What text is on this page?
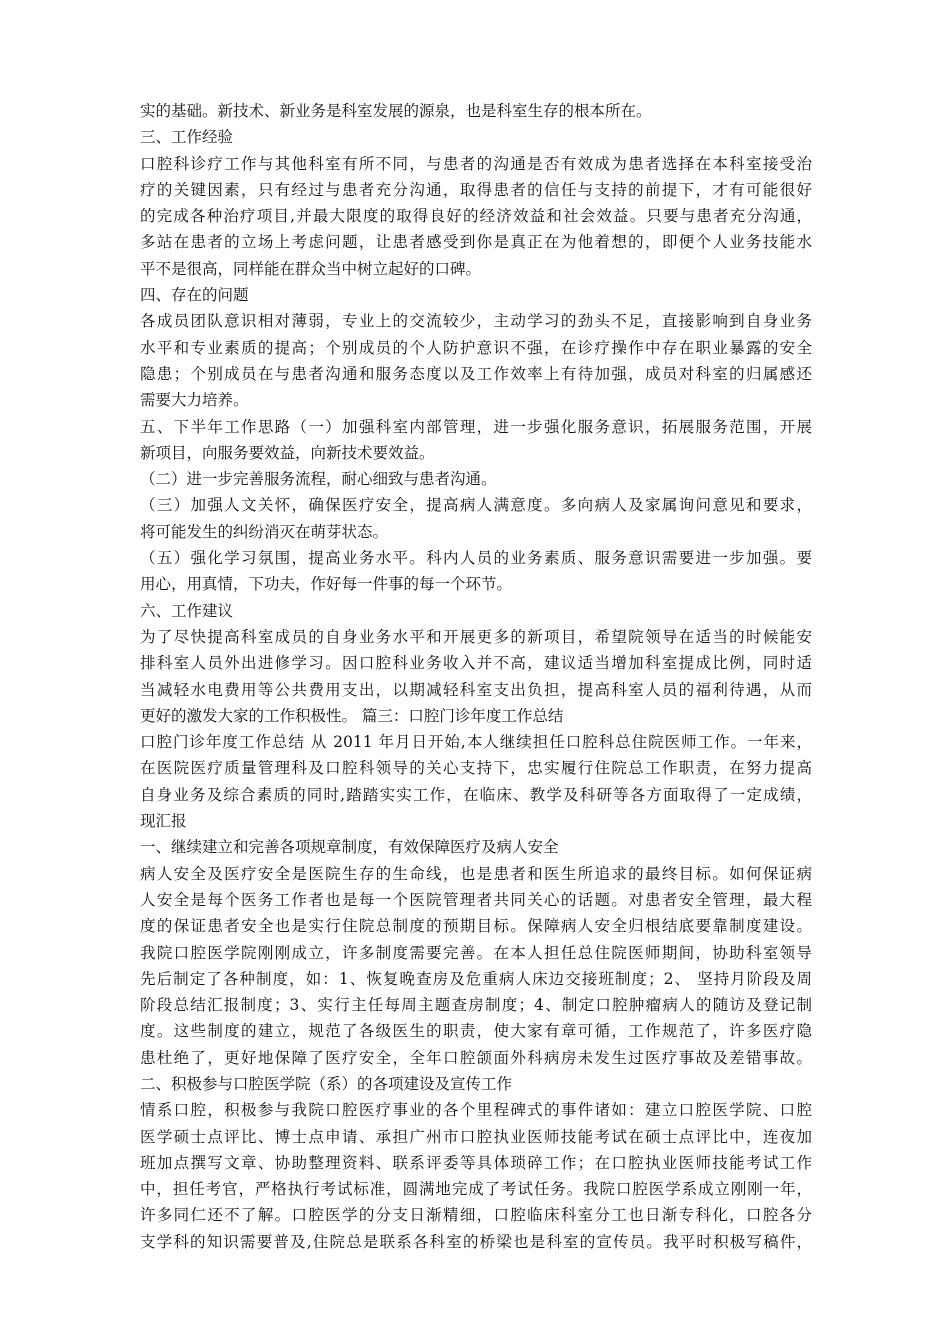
实的基础。新技术、新业务是科室发展的源泉，也是科室生存的根本所在。
三、工作经验
口腔科诊疗工作与其他科室有所不同，与患者的沟通是否有效成为患者选择在本科室接受治
疗的关键因素，只有经过与患者充分沟通，取得患者的信任与支持的前提下，才有可能很好
的完成各种治疗项目,并最大限度的取得良好的经济效益和社会效益。只要与患者充分沟通，
多站在患者的立场上考虑问题，让患者感受到你是真正在为他着想的，即便个人业务技能水
平不是很高，同样能在群众当中树立起好的口碑。
四、存在的问题
各成员团队意识相对薄弱，专业上的交流较少，主动学习的劲头不足，直接影响到自身业务
水平和专业素质的提高；个别成员的个人防护意识不强，在诊疗操作中存在职业暴露的安全
隐患；个别成员在与患者沟通和服务态度以及工作效率上有待加强，成员对科室的归属感还
需要大力培养。
五、下半年工作思路（一）加强科室内部管理，进一步强化服务意识，拓展服务范围，开展
新项目，向服务要效益，向新技术要效益。
（二）进一步完善服务流程，耐心细致与患者沟通。
（三）加强人文关怀，确保医疗安全，提高病人满意度。多向病人及家属询问意见和要求，
将可能发生的纠纷消灭在萌芽状态。
（五）强化学习氛围，提高业务水平。科内人员的业务素质、服务意识需要进一步加强。要
用心，用真情，下功夫，作好每一件事的每一个环节。
六、工作建议
为了尽快提高科室成员的自身业务水平和开展更多的新项目，希望院领导在适当的时候能安
排科室人员外出进修学习。因口腔科业务收入并不高，建议适当增加科室提成比例，同时适
当减轻水电费用等公共费用支出，以期减轻科室支出负担，提高科室人员的福利待遇，从而
更好的激发大家的工作积极性。 篇三：口腔门诊年度工作总结
口腔门诊年度工作总结 从 2011 年月日开始,本人继续担任口腔科总住院医师工作。一年来，
在医院医疗质量管理科及口腔科领导的关心支持下，忠实履行住院总工作职责，在努力提高
自身业务及综合素质的同时,踏踏实实工作，在临床、教学及科研等各方面取得了一定成绩，
现汇报
一、继续建立和完善各项规章制度，有效保障医疗及病人安全
病人安全及医疗安全是医院生存的生命线，也是患者和医生所追求的最终目标。如何保证病
人安全是每个医务工作者也是每一个医院管理者共同关心的话题。对患者安全管理，最大程
度的保证患者安全也是实行住院总制度的预期目标。保障病人安全归根结底要靠制度建设。
我院口腔医学院刚刚成立，许多制度需要完善。在本人担任总住院医师期间，协助科室领导
先后制定了各种制度，如：1、恢复晚查房及危重病人床边交接班制度；2、 坚持月阶段及周
阶段总结汇报制度；3、实行主任每周主题查房制度；4、制定口腔肿瘤病人的随访及登记制
度。这些制度的建立，规范了各级医生的职责，使大家有章可循，工作规范了，许多医疗隐
患杜绝了，更好地保障了医疗安全，全年口腔颌面外科病房未发生过医疗事故及差错事故。
二、积极参与口腔医学院（系）的各项建设及宣传工作
情系口腔，积极参与我院口腔医疗事业的各个里程碑式的事件诸如：建立口腔医学院、口腔
医学硕士点评比、博士点申请、承担广州市口腔执业医师技能考试在硕士点评比中，连夜加
班加点撰写文章、协助整理资料、联系评委等具体琐碎工作；在口腔执业医师技能考试工作
中，担任考官，严格执行考试标准，圆满地完成了考试任务。我院口腔医学系成立刚刚一年，
许多同仁还不了解。口腔医学的分支日渐精细，口腔临床科室分工也日渐专科化，口腔各分
支学科的知识需要普及,住院总是联系各科室的桥梁也是科室的宣传员。我平时积极写稿件，
